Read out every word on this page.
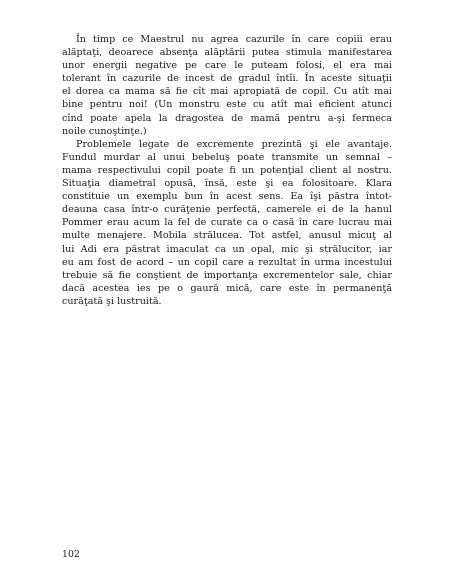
În timp ce Maestrul nu agrea cazurile în care copiii erau
alăptaţi, deoarece absenţa alăptării putea stimula manifestarea
unor energii negative pe care le puteam folosi, el era mai
tolerant în cazurile de incest de gradul întîi. În aceste situaţii
el dorea ca mama să fie cît mai apropiată de copil. Cu atît mai
bine pentru noi! (Un monstru este cu atît mai eficient atunci
cînd poate apela la dragostea de mamă pentru a-şi fermeca
noile cunoştinţe.)
Problemele legate de excremente prezintă şi ele avantaje.
Fundul murdar al unui bebeluş poate transmite un semnal –
mama respectivului copil poate fi un potenţial client al nostru.
Situaţia diametral opusă, însă, este şi ea folositoare. Klara
constituie un exemplu bun în acest sens. Ea îşi păstra întot-
deauna casa într-o curăţenie perfectă, camerele ei de la hanul
Pommer erau acum la fel de curate ca o casă în care lucrau mai
multe menajere. Mobila strălucea. Tot astfel, anusul micuţ al
lui Adi era păstrat imaculat ca un opal, mic şi strălucitor, iar
eu am fost de acord – un copil care a rezultat în urma incestului
trebuie să fie conştient de importanţa excrementelor sale, chiar
dacă acestea ies pe o gaură mică, care este în permanenţă
curăţată şi lustruită.
102
